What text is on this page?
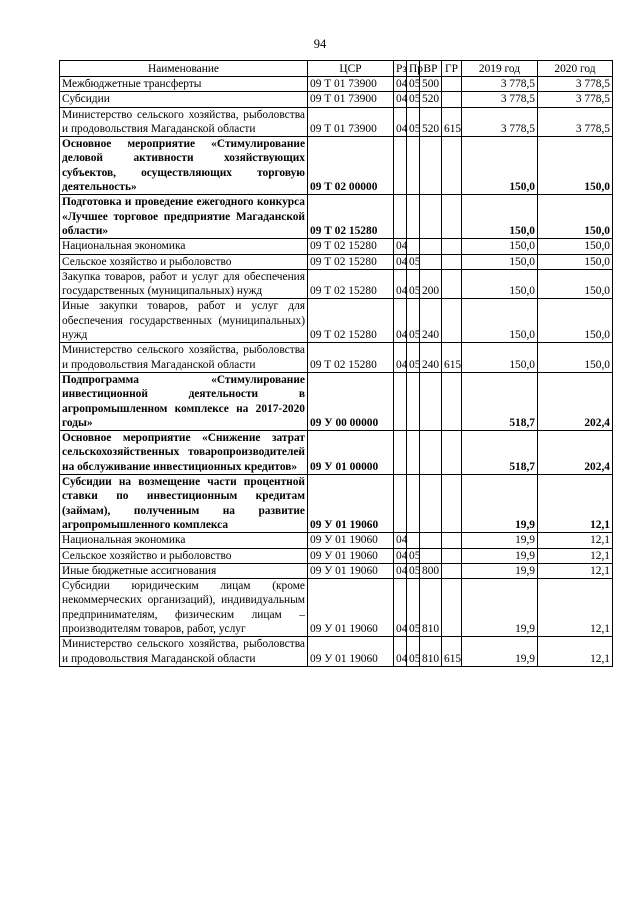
94
Наименование	ЦСР	Рз	Пр	ВР	ГР	2019 год	2020 год
Межбюджетные трансферты	09 Т 01 73900	04	05	500		3 778,5	3 778,5
Субсидии	09 Т 01 73900	04	05	520		3 778,5	3 778,5
Министерство сельского хозяйства, рыболовства и продовольствия Магаданской области	09 Т 01 73900	04	05	520	615	3 778,5	3 778,5
Основное мероприятие «Стимулирование деловой активности хозяйствующих субъектов, осуществляющих торговую деятельность»	09 Т 02 00000					150,0	150,0
Подготовка и проведение ежегодного конкурса «Лучшее торговое предприятие Магаданской области»	09 Т 02 15280					150,0	150,0
Национальная экономика	09 Т 02 15280	04				150,0	150,0
Сельское хозяйство и рыболовство	09 Т 02 15280	04	05			150,0	150,0
Закупка товаров, работ и услуг для обеспечения государственных (муниципальных) нужд	09 Т 02 15280	04	05	200		150,0	150,0
Иные закупки товаров, работ и услуг для обеспечения государственных (муниципальных) нужд	09 Т 02 15280	04	05	240		150,0	150,0
Министерство сельского хозяйства, рыболовства и продовольствия Магаданской области	09 Т 02 15280	04	05	240	615	150,0	150,0
Подпрограмма «Стимулирование инвестиционной деятельности в агропромышленном комплексе на 2017-2020 годы»	09 У 00 00000					518,7	202,4
Основное мероприятие «Снижение затрат сельскохозяйственных товаропроизводителей на обслуживание инвестиционных кредитов»	09 У 01 00000					518,7	202,4
Субсидии на возмещение части процентной ставки по инвестиционным кредитам (займам), полученным на развитие агропромышленного комплекса	09 У 01 19060					19,9	12,1
Национальная экономика	09 У 01 19060	04				19,9	12,1
Сельское хозяйство и рыболовство	09 У 01 19060	04	05			19,9	12,1
Иные бюджетные ассигнования	09 У 01 19060	04	05	800		19,9	12,1
Субсидии юридическим лицам (кроме некоммерческих организаций), индивидуальным предпринимателям, физическим лицам – производителям товаров, работ, услуг	09 У 01 19060	04	05	810		19,9	12,1
Министерство сельского хозяйства, рыболовства и продовольствия Магаданской области	09 У 01 19060	04	05	810	615	19,9	12,1
